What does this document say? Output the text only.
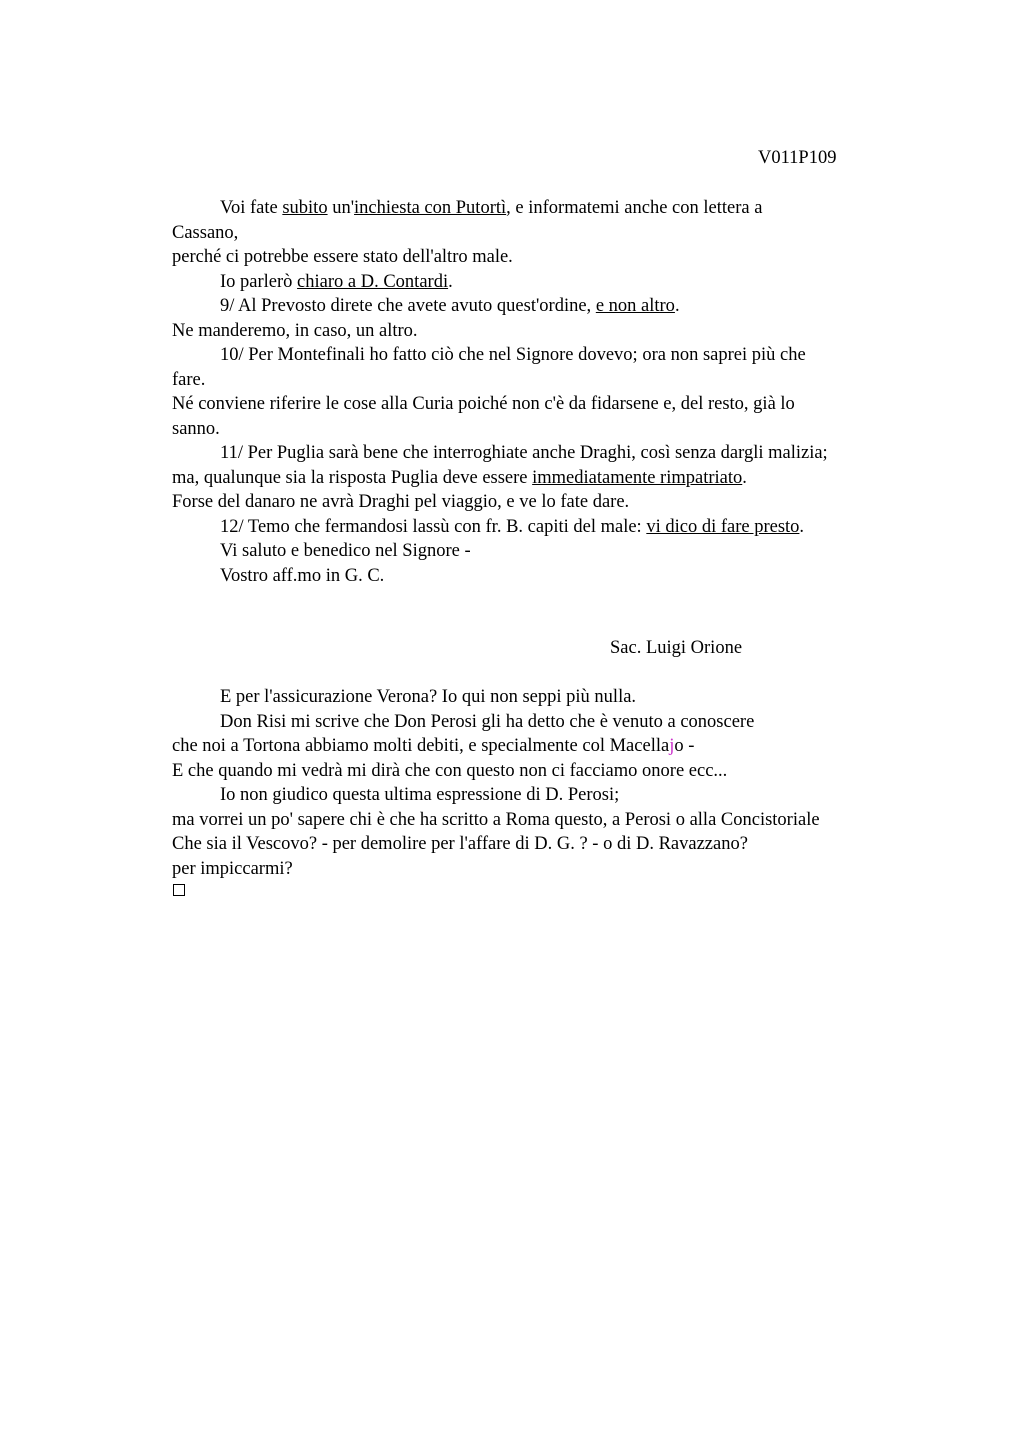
V011P109
Voi fate subito un'inchiesta con Putortì, e informatemi anche con lettera a
Cassano,
perché ci potrebbe essere stato dell'altro male.
Io parlerò chiaro a D. Contardi.
9/ Al Prevosto direte che avete avuto quest'ordine, e non altro.
Ne manderemo, in caso, un altro.
10/ Per Montefinali ho fatto ciò che nel Signore dovevo; ora non saprei più che
fare.
Né conviene riferire le cose alla Curia poiché non c'è da fidarsene e, del resto, già lo
sanno.
11/ Per Puglia sarà bene che interroghiate anche Draghi, così senza dargli malizia;
ma, qualunque sia la risposta Puglia deve essere immediatamente rimpatriato.
Forse del danaro ne avrà Draghi pel viaggio, e ve lo fate dare.
12/ Temo che fermandosi lassù con fr. B. capiti del male: vi dico di fare presto.
Vi saluto e benedico nel Signore -
Vostro aff.mo in G. C.
Sac. Luigi Orione
E per l'assicurazione Verona? Io qui non seppi più nulla.
Don Risi mi scrive che Don Perosi gli ha detto che è venuto a conoscere
che noi a Tortona abbiamo molti debiti, e specialmente col Macellajo -
E che quando mi vedrà mi dirà che con questo non ci facciamo onore ecc...
Io non giudico questa ultima espressione di D. Perosi;
ma vorrei un po' sapere chi è che ha scritto a Roma questo, a Perosi o alla Concistoriale
Che sia il Vescovo? - per demolire per l'affare di D. G. ? - o di D. Ravazzano?
per impiccarmi?
